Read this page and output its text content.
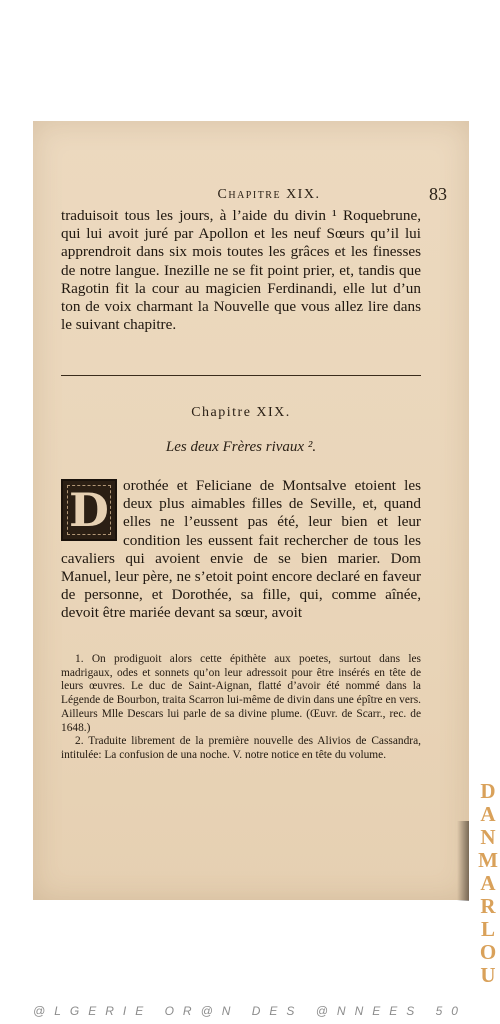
Chapitre XIX.	83
traduisoit tous les jours, à l’aide du divin ¹ Roquebrune, qui lui avoit juré par Apollon et les neuf Sœurs qu’il lui apprendroit dans six mois toutes les grâces et les finesses de notre langue. Inezille ne se fit point prier, et, tandis que Ragotin fit la cour au magicien Ferdinandi, elle lut d’un ton de voix charmant la Nouvelle que vous allez lire dans le suivant chapitre.
Chapitre XIX.
Les deux Frères rivaux ².
D orothée et Feliciane de Montsalve etoient les deux plus aimables filles de Seville, et, quand elles ne l’eussent pas été, leur bien et leur condition les eussent fait rechercher de tous les cavaliers qui avoient envie de se bien marier. Dom Manuel, leur père, ne s’etoit point encore declaré en faveur de personne, et Dorothée, sa fille, qui, comme aînée, devoit être mariée devant sa sœur, avoit

1. On prodiguoit alors cette épithète aux poetes, surtout dans les madrigaux, odes et sonnets qu’on leur adressoit pour être insérés en tête de leurs œuvres. Le duc de Saint-Aignan, flatté d’avoir été nommé dans la Légende de Bourbon, traita Scarron lui-même de divin dans une épître en vers. Ailleurs Mlle Descars lui parle de sa divine plume. (Œuvr. de Scarr., rec. de 1648.)

2. Traduite librement de la première nouvelle des Alivios de Cassandra, intitulée: La confusion de una noche. V. notre notice en tête du volume.

DANMARLOU
@LGERIE OR@N DES @NNEES 50
